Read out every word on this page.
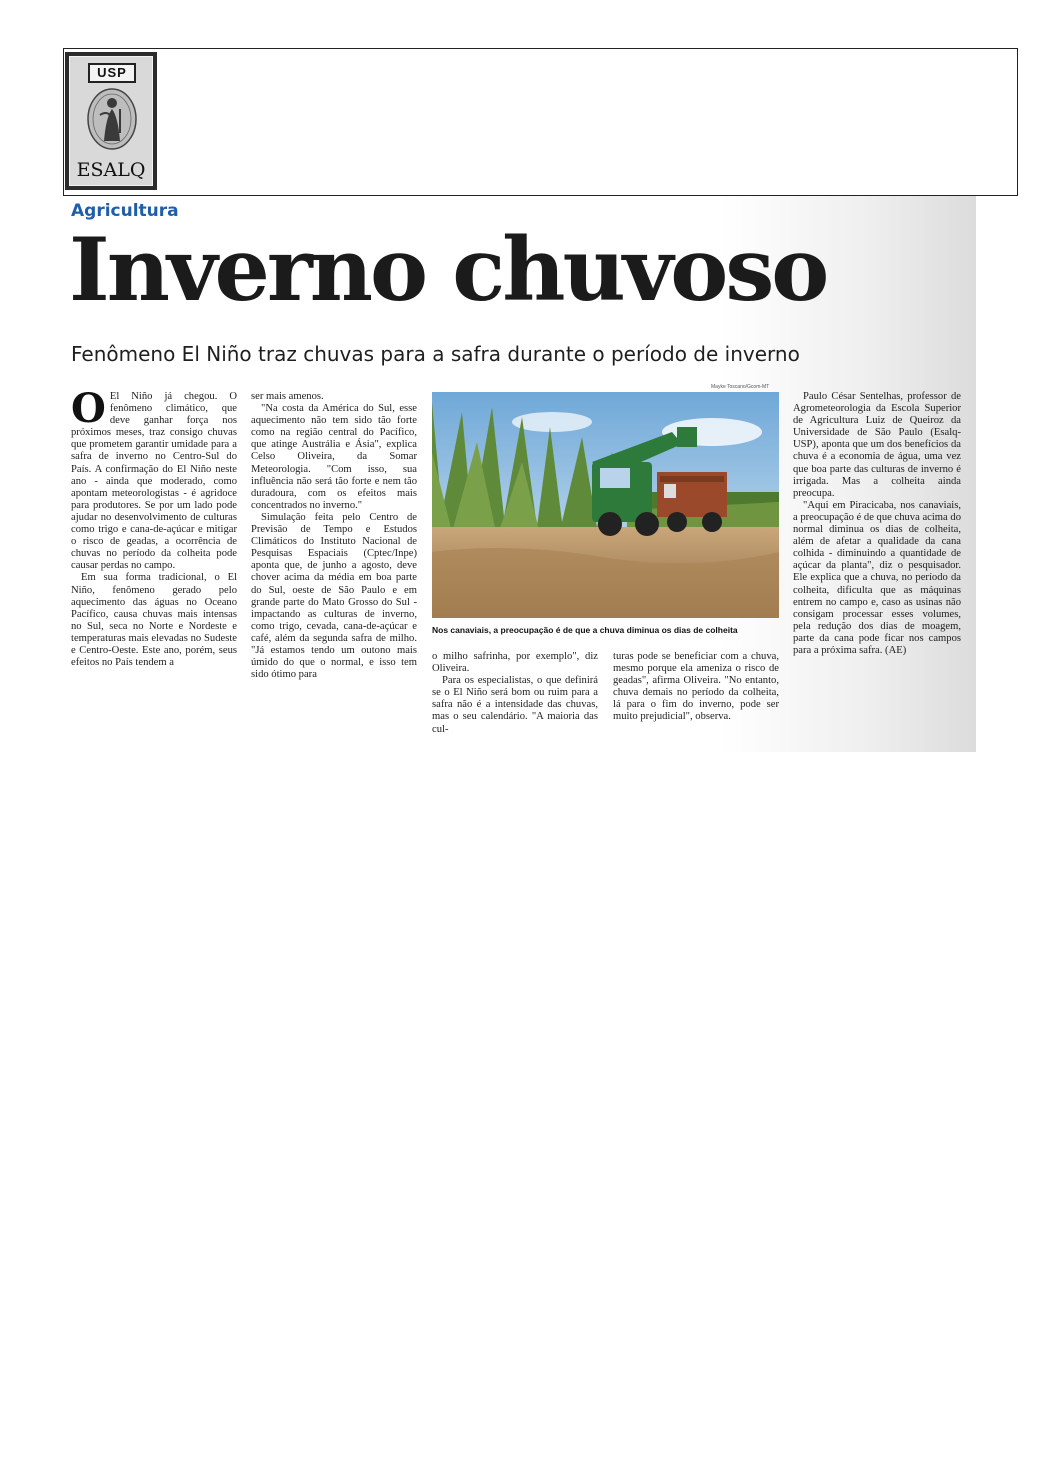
USP
ESALQ
Agricultura
Inverno chuvoso
Fenômeno El Niño traz chuvas para a safra durante o período de inverno

O El Niño já chegou. O fenômeno climático, que deve ganhar força nos próximos meses, traz consigo chuvas que prometem garantir umidade para a safra de inverno no Centro-Sul do País. A confirmação do El Niño neste ano - ainda que moderado, como apontam meteorologistas - é agridoce para produtores. Se por um lado pode ajudar no desenvolvimento de culturas como trigo e cana-de-açúcar e mitigar o risco de geadas, a ocorrência de chuvas no período da colheita pode causar perdas no campo.

Em sua forma tradicional, o El Niño, fenômeno gerado pelo aquecimento das águas no Oceano Pacífico, causa chuvas mais intensas no Sul, seca no Norte e Nordeste e temperaturas mais elevadas no Sudeste e Centro-Oeste. Este ano, porém, seus efeitos no País tendem a

ser mais amenos.

"Na costa da América do Sul, esse aquecimento não tem sido tão forte como na região central do Pacífico, que atinge Austrália e Ásia", explica Celso Oliveira, da Somar Meteorologia. "Com isso, sua influência não será tão forte e nem tão duradoura, com os efeitos mais concentrados no inverno."

Simulação feita pelo Centro de Previsão de Tempo e Estudos Climáticos do Instituto Nacional de Pesquisas Espaciais (Cptec/Inpe) aponta que, de junho a agosto, deve chover acima da média em boa parte do Sul, oeste de São Paulo e em grande parte do Mato Grosso do Sul - impactando as culturas de inverno, como trigo, cevada, cana-de-açúcar e café, além da segunda safra de milho. "Já estamos tendo um outono mais úmido do que o normal, e isso tem sido ótimo para

Mayke Toscano/Gcom-MT
Nos canaviais, a preocupação é de que a chuva diminua os dias de colheita

o milho safrinha, por exemplo", diz Oliveira.

Para os especialistas, o que definirá se o El Niño será bom ou ruim para a safra não é a intensidade das chuvas, mas o seu calendário. "A maioria das cul-

turas pode se beneficiar com a chuva, mesmo porque ela ameniza o risco de geadas", afirma Oliveira. "No entanto, chuva demais no período da colheita, lá para o fim do inverno, pode ser muito prejudicial", observa.

Paulo César Sentelhas, professor de Agrometeorologia da Escola Superior de Agricultura Luiz de Queiroz da Universidade de São Paulo (Esalq-USP), aponta que um dos benefícios da chuva é a economia de água, uma vez que boa parte das culturas de inverno é irrigada. Mas a colheita ainda preocupa.

"Aqui em Piracicaba, nos canaviais, a preocupação é de que chuva acima do normal diminua os dias de colheita, além de afetar a qualidade da cana colhida - diminuindo a quantidade de açúcar da planta", diz o pesquisador. Ele explica que a chuva, no período da colheita, dificulta que as máquinas entrem no campo e, caso as usinas não consigam processar esses volumes, pela redução dos dias de moagem, parte da cana pode ficar nos campos para a próxima safra. (AE)
